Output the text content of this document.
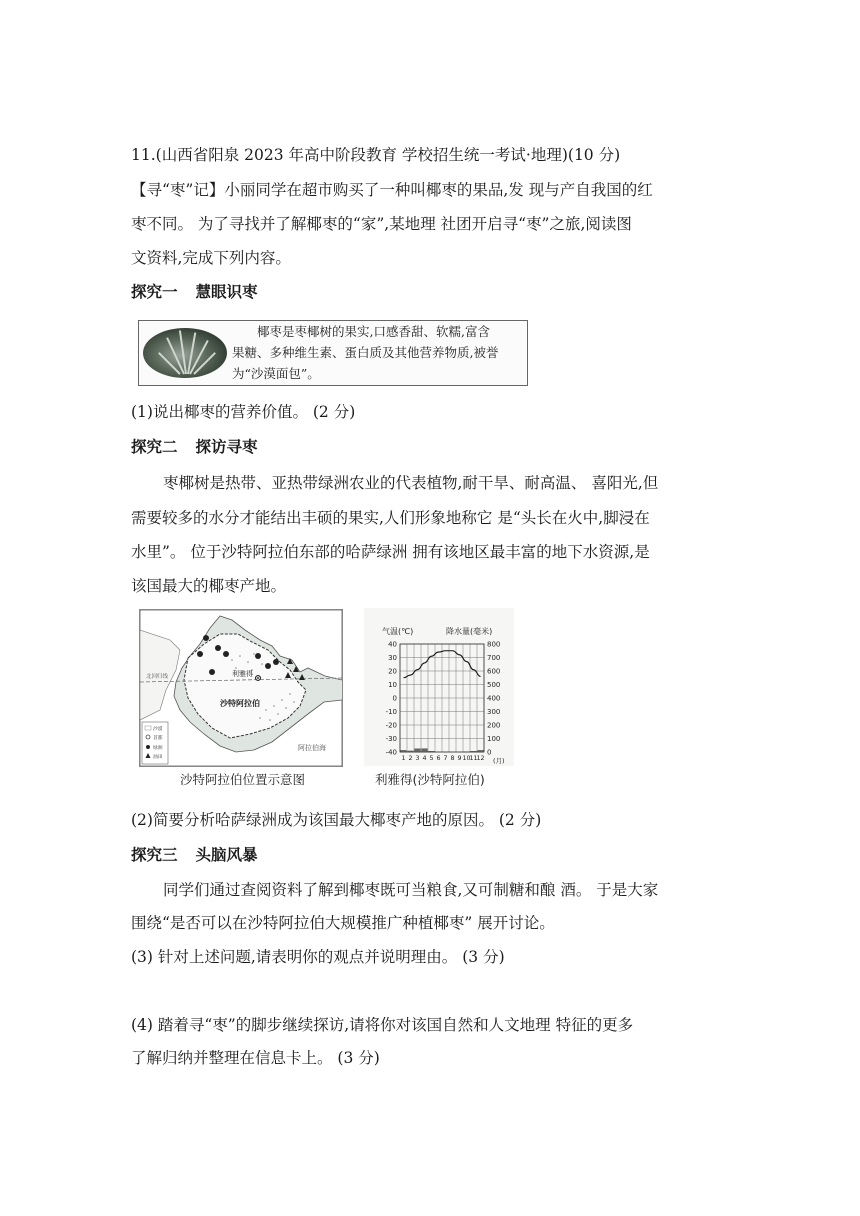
11.(山西省阳泉 2023 年高中阶段教育 学校招生统一考试·地理)(10 分)
【寻“枣”记】小丽同学在超市购买了一种叫椰枣的果品,发 现与产自我国的红
枣不同。 为了寻找并了解椰枣的“家”,某地理 社团开启寻“枣”之旅,阅读图
文资料,完成下列内容。
探究一 慧眼识枣
椰枣是枣椰树的果实,口感香甜、软糯,富含
果糖、多种维生素、蛋白质及其他营养物质,被誉
为“沙漠面包”。
(1)说出椰枣的营养价值。 (2 分)
探究二 探访寻枣
枣椰树是热带、亚热带绿洲农业的代表植物,耐干旱、耐高温、 喜阳光,但
需要较多的水分才能结出丰硕的果实,人们形象地称它 是“头长在火中,脚浸在
水里”。 位于沙特阿拉伯东部的哈萨绿洲 拥有该地区最丰富的地下水资源,是
该国最大的椰枣产地。
利雅得
沙特阿拉伯
北回归线
阿拉伯海
沙漠
首都
绿洲
油田
沙特阿拉伯位置示意图
气温(℃)	降水量(毫米)
40
30
20
10
0
-10
-20
-30
-40
800
700
600
500
400
300
200
100
0
1 2 3 4 5 6 7 8 9 10
11
12 (月)
利雅得(沙特阿拉伯)
(2)简要分析哈萨绿洲成为该国最大椰枣产地的原因。 (2 分)
探究三 头脑风暴
同学们通过查阅资料了解到椰枣既可当粮食,又可制糖和酿 酒。 于是大家
围绕“是否可以在沙特阿拉伯大规模推广种植椰枣” 展开讨论。
(3) 针对上述问题,请表明你的观点并说明理由。 (3 分)
(4) 踏着寻“枣”的脚步继续探访,请将你对该国自然和人文地理 特征的更多
了解归纳并整理在信息卡上。 (3 分)
